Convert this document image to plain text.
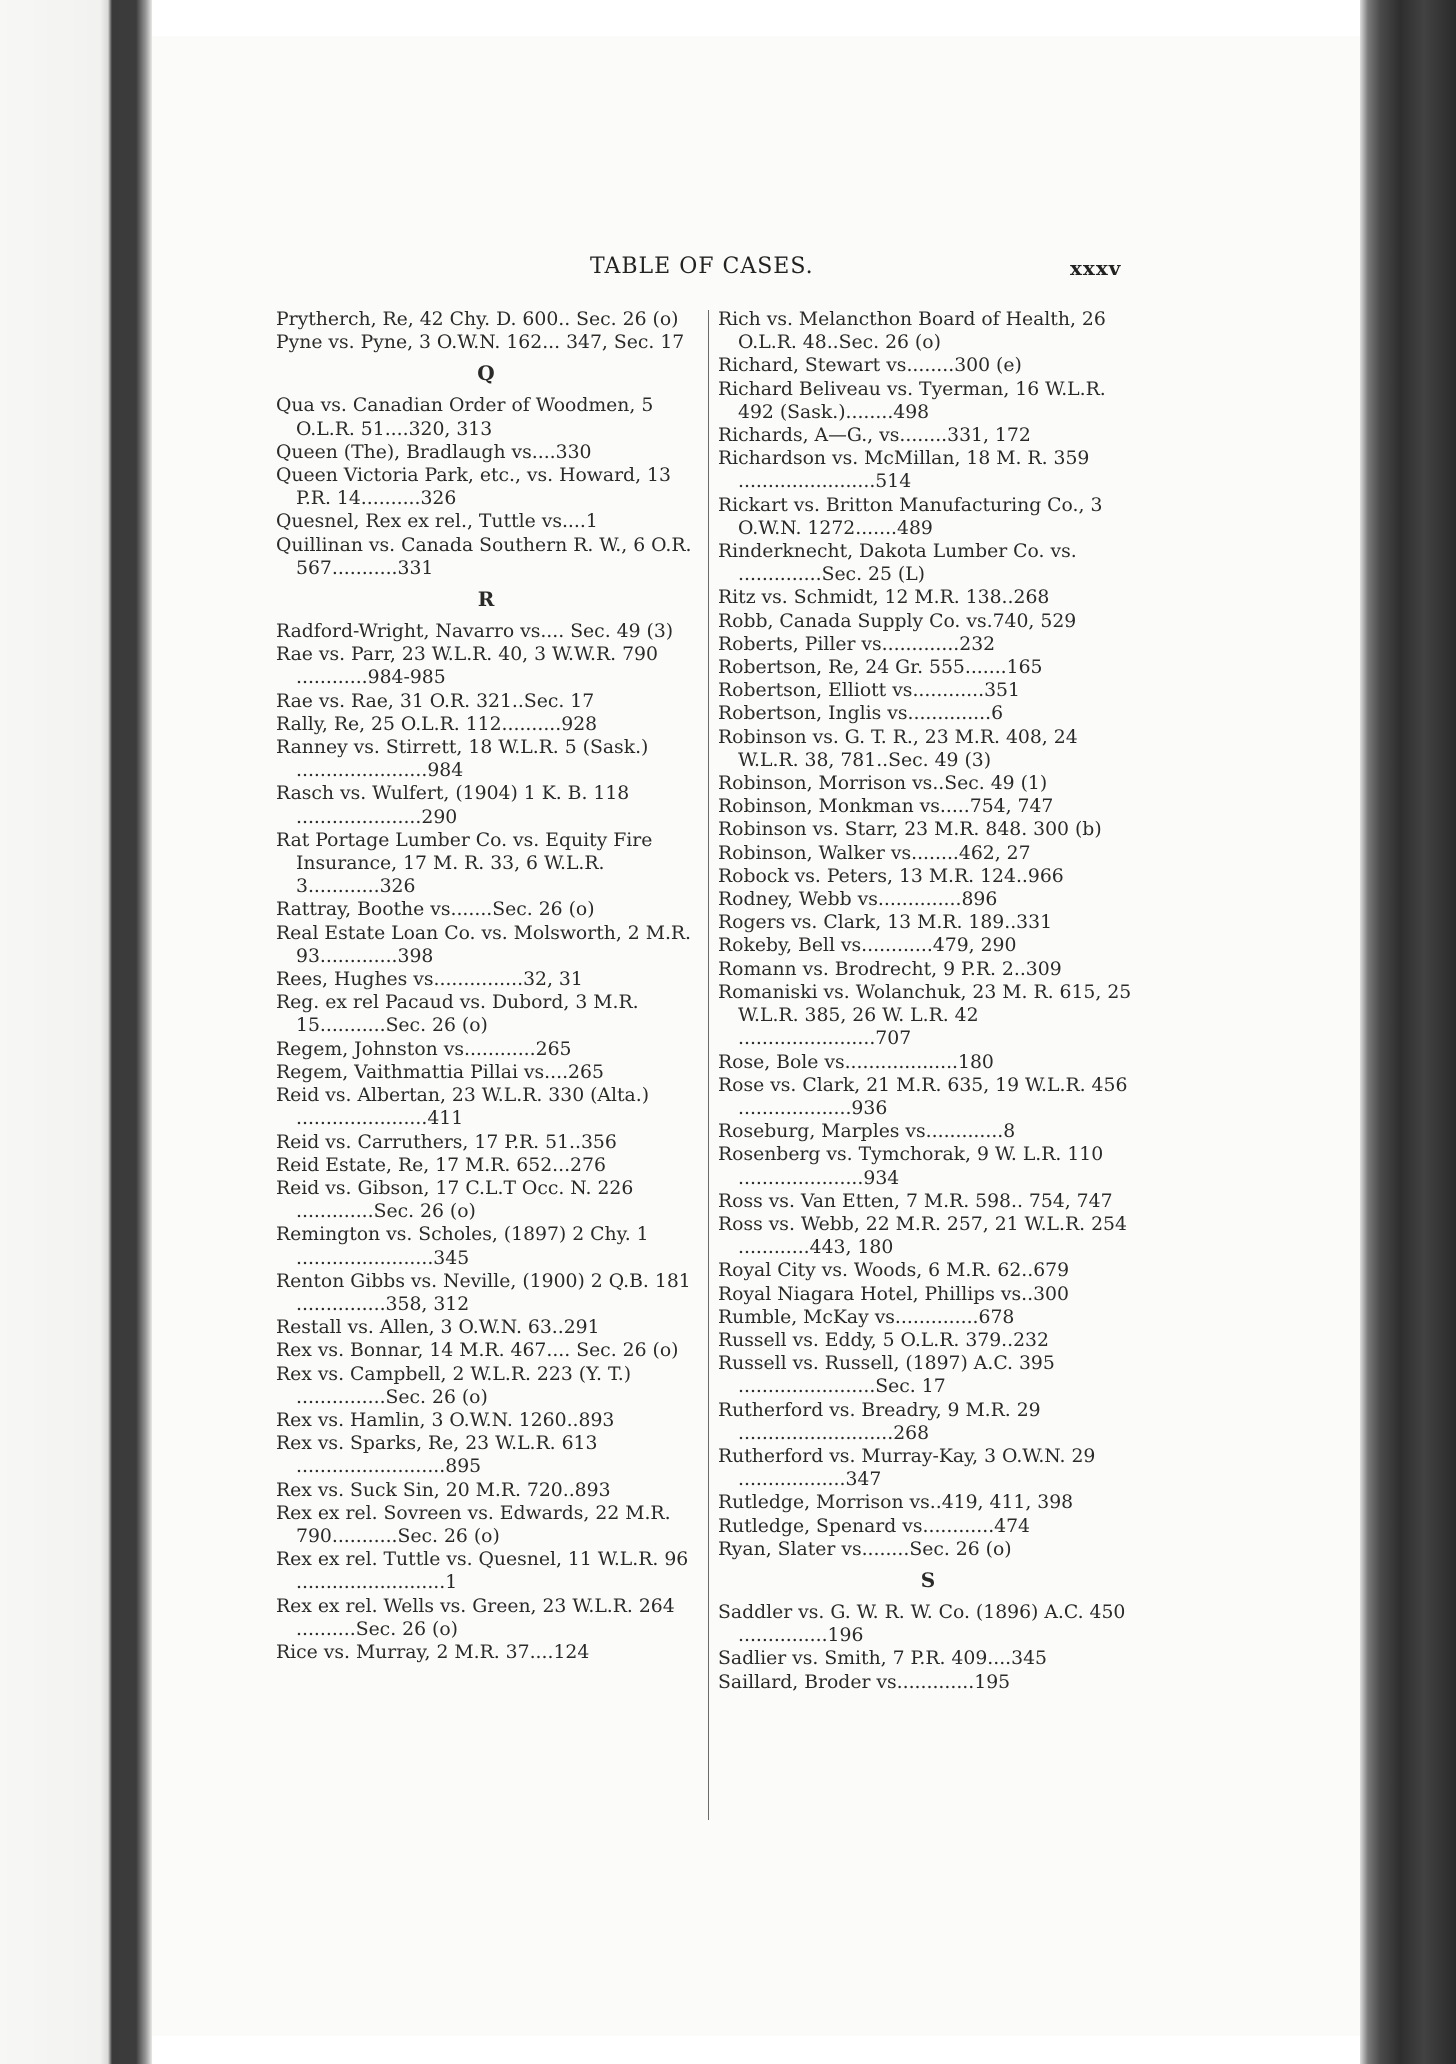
TABLE OF CASES.	xxxv

Prytherch, Re, 42 Chy. D. 600.. Sec. 26 (o)

Pyne vs. Pyne, 3 O.W.N. 162... 347, Sec. 17

Q

Qua vs. Canadian Order of Woodmen, 5 O.L.R. 51....320, 313

Queen (The), Bradlaugh vs....330

Queen Victoria Park, etc., vs. Howard, 13 P.R. 14..........326

Quesnel, Rex ex rel., Tuttle vs....1

Quillinan vs. Canada Southern R. W., 6 O.R. 567...........331

R

Radford-Wright, Navarro vs.... Sec. 49 (3)

Rae vs. Parr, 23 W.L.R. 40, 3 W.W.R. 790 ............984-985

Rae vs. Rae, 31 O.R. 321..Sec. 17

Rally, Re, 25 O.L.R. 112..........928

Ranney vs. Stirrett, 18 W.L.R. 5 (Sask.) ......................984

Rasch vs. Wulfert, (1904) 1 K. B. 118 .....................290

Rat Portage Lumber Co. vs. Equity Fire Insurance, 17 M. R. 33, 6 W.L.R. 3............326

Rattray, Boothe vs.......Sec. 26 (o)

Real Estate Loan Co. vs. Molsworth, 2 M.R. 93.............398

Rees, Hughes vs...............32, 31

Reg. ex rel Pacaud vs. Dubord, 3 M.R. 15...........Sec. 26 (o)

Regem, Johnston vs............265

Regem, Vaithmattia Pillai vs....265

Reid vs. Albertan, 23 W.L.R. 330 (Alta.) ......................411

Reid vs. Carruthers, 17 P.R. 51..356

Reid Estate, Re, 17 M.R. 652...276

Reid vs. Gibson, 17 C.L.T Occ. N. 226 .............Sec. 26 (o)

Remington vs. Scholes, (1897) 2 Chy. 1 .......................345

Renton Gibbs vs. Neville, (1900) 2 Q.B. 181 ...............358, 312

Restall vs. Allen, 3 O.W.N. 63..291

Rex vs. Bonnar, 14 M.R. 467.... Sec. 26 (o)

Rex vs. Campbell, 2 W.L.R. 223 (Y. T.) ...............Sec. 26 (o)

Rex vs. Hamlin, 3 O.W.N. 1260..893

Rex vs. Sparks, Re, 23 W.L.R. 613 .........................895

Rex vs. Suck Sin, 20 M.R. 720..893

Rex ex rel. Sovreen vs. Edwards, 22 M.R. 790...........Sec. 26 (o)

Rex ex rel. Tuttle vs. Quesnel, 11 W.L.R. 96 .........................1

Rex ex rel. Wells vs. Green, 23 W.L.R. 264 ..........Sec. 26 (o)

Rice vs. Murray, 2 M.R. 37....124

Rich vs. Melancthon Board of Health, 26 O.L.R. 48..Sec. 26 (o)

Richard, Stewart vs........300 (e)

Richard Beliveau vs. Tyerman, 16 W.L.R. 492 (Sask.)........498

Richards, A—G., vs........331, 172

Richardson vs. McMillan, 18 M. R. 359 .......................514

Rickart vs. Britton Manufacturing Co., 3 O.W.N. 1272.......489

Rinderknecht, Dakota Lumber Co. vs. ..............Sec. 25 (L)

Ritz vs. Schmidt, 12 M.R. 138..268

Robb, Canada Supply Co. vs.740, 529

Roberts, Piller vs.............232

Robertson, Re, 24 Gr. 555.......165

Robertson, Elliott vs............351

Robertson, Inglis vs..............6

Robinson vs. G. T. R., 23 M.R. 408, 24 W.L.R. 38, 781..Sec. 49 (3)

Robinson, Morrison vs..Sec. 49 (1)

Robinson, Monkman vs.....754, 747

Robinson vs. Starr, 23 M.R. 848. 300 (b)

Robinson, Walker vs........462, 27

Robock vs. Peters, 13 M.R. 124..966

Rodney, Webb vs..............896

Rogers vs. Clark, 13 M.R. 189..331

Rokeby, Bell vs............479, 290

Romann vs. Brodrecht, 9 P.R. 2..309

Romaniski vs. Wolanchuk, 23 M. R. 615, 25 W.L.R. 385, 26 W. L.R. 42 .......................707

Rose, Bole vs...................180

Rose vs. Clark, 21 M.R. 635, 19 W.L.R. 456 ...................936

Roseburg, Marples vs.............8

Rosenberg vs. Tymchorak, 9 W. L.R. 110 .....................934

Ross vs. Van Etten, 7 M.R. 598.. 754, 747

Ross vs. Webb, 22 M.R. 257, 21 W.L.R. 254 ............443, 180

Royal City vs. Woods, 6 M.R. 62..679

Royal Niagara Hotel, Phillips vs..300

Rumble, McKay vs..............678

Russell vs. Eddy, 5 O.L.R. 379..232

Russell vs. Russell, (1897) A.C. 395 .......................Sec. 17

Rutherford vs. Breadry, 9 M.R. 29 ..........................268

Rutherford vs. Murray-Kay, 3 O.W.N. 29 ..................347

Rutledge, Morrison vs..419, 411, 398

Rutledge, Spenard vs............474

Ryan, Slater vs........Sec. 26 (o)

S

Saddler vs. G. W. R. W. Co. (1896) A.C. 450 ...............196

Sadlier vs. Smith, 7 P.R. 409....345

Saillard, Broder vs.............195
